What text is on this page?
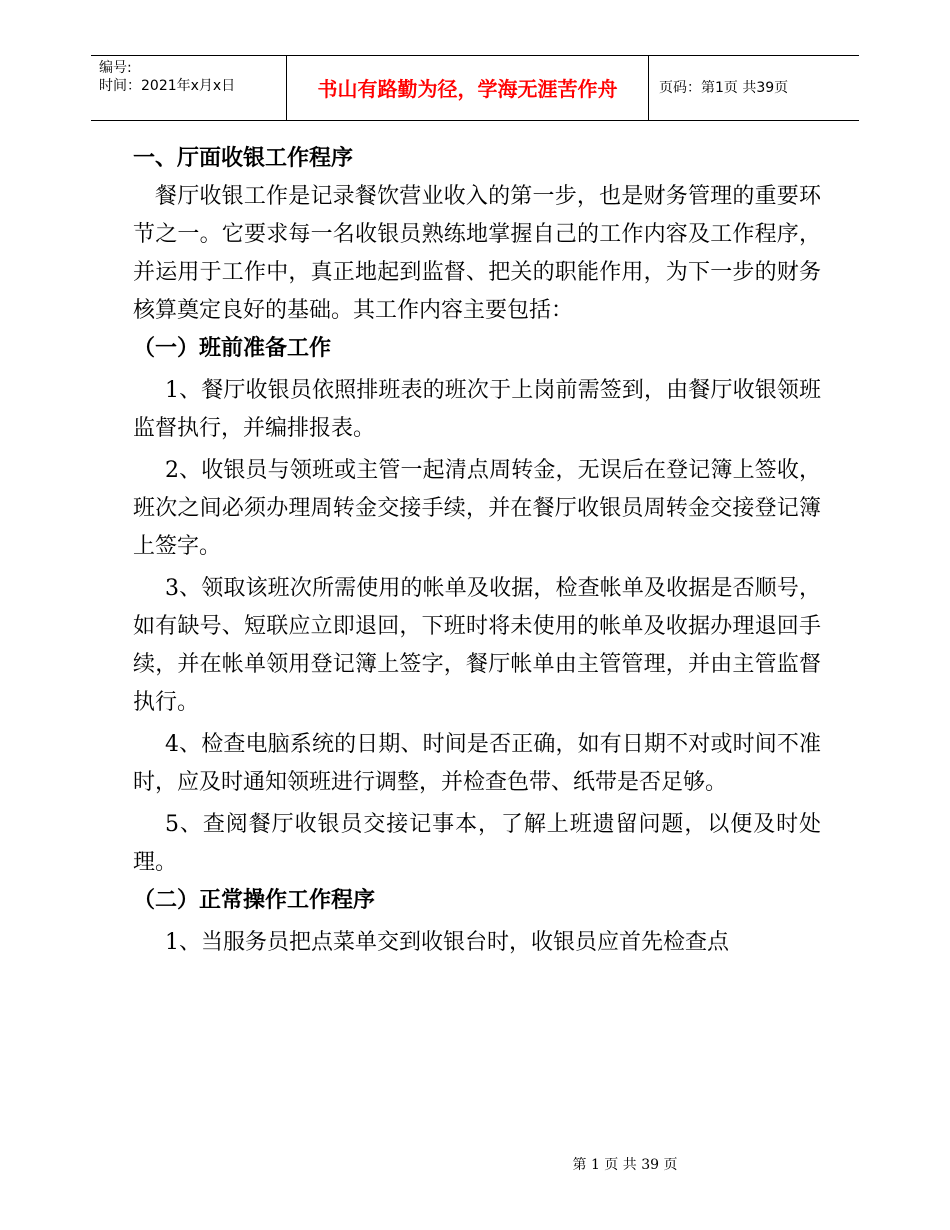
编号:
时间：2021年x月x日	书山有路勤为径，学海无涯苦作舟	页码：第1页 共39页

一、厅面收银工作程序

餐厅收银工作是记录餐饮营业收入的第一步，也是财务管理的重要环节之一。它要求每一名收银员熟练地掌握自己的工作内容及工作程序，并运用于工作中，真正地起到监督、把关的职能作用，为下一步的财务核算奠定良好的基础。其工作内容主要包括：

（一）班前准备工作

1、餐厅收银员依照排班表的班次于上岗前需签到，由餐厅收银领班监督执行，并编排报表。

2、收银员与领班或主管一起清点周转金，无误后在登记簿上签收，班次之间必须办理周转金交接手续，并在餐厅收银员周转金交接登记簿上签字。

3、领取该班次所需使用的帐单及收据，检查帐单及收据是否顺号，如有缺号、短联应立即退回，下班时将未使用的帐单及收据办理退回手续，并在帐单领用登记簿上签字，餐厅帐单由主管管理，并由主管监督执行。

4、检查电脑系统的日期、时间是否正确，如有日期不对或时间不准时，应及时通知领班进行调整，并检查色带、纸带是否足够。

5、查阅餐厅收银员交接记事本，了解上班遗留问题，以便及时处理。

（二）正常操作工作程序

1、当服务员把点菜单交到收银台时，收银员应首先检查点

第 1 页 共 39 页
